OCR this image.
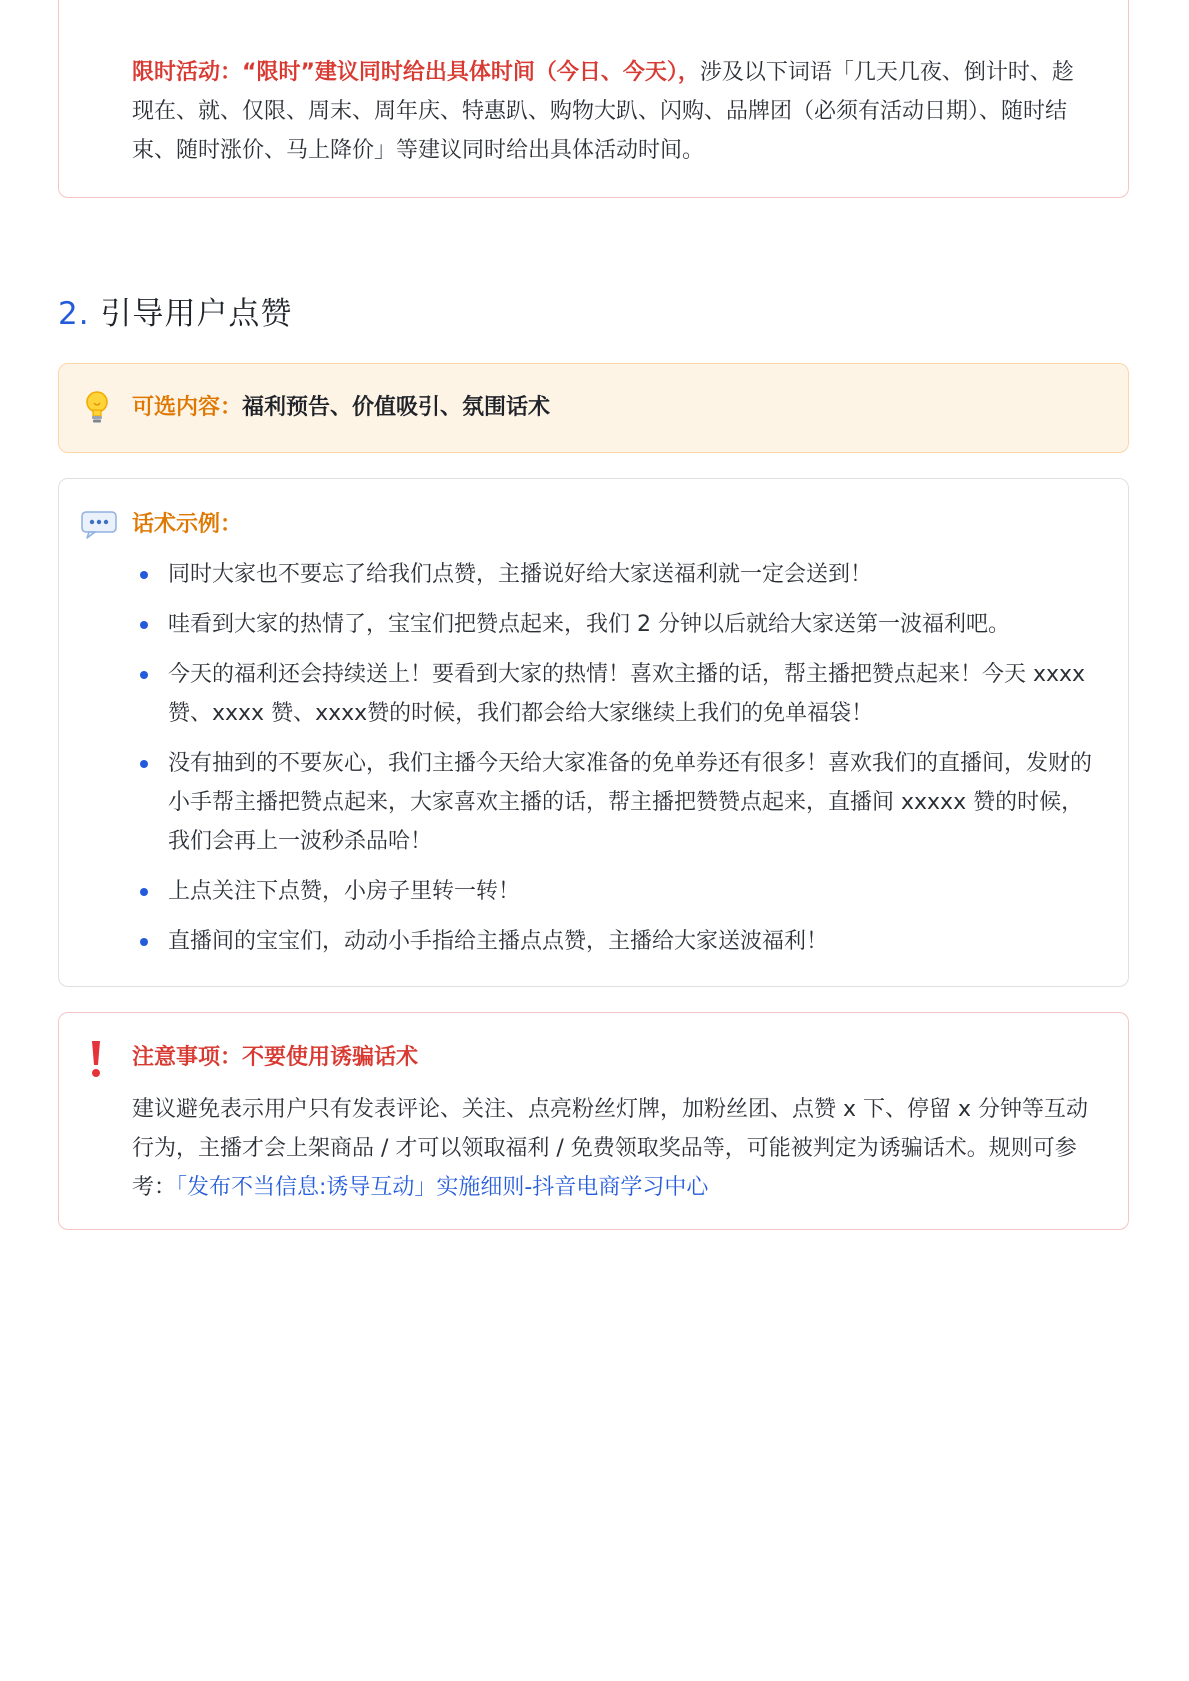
限时活动：“限时”建议同时给出具体时间（今日、今天），涉及以下词语「几天几夜、倒计时、趁现在、就、仅限、周末、周年庆、特惠趴、购物大趴、闪购、品牌团（必须有活动日期）、随时结束、随时涨价、马上降价」等建议同时给出具体活动时间。
2. 引导用户点赞
可选内容：福利预告、价值吸引、氛围话术
话术示例：
同时大家也不要忘了给我们点赞，主播说好给大家送福利就一定会送到！
哇看到大家的热情了，宝宝们把赞点起来，我们 2 分钟以后就给大家送第一波福利吧。
今天的福利还会持续送上！要看到大家的热情！喜欢主播的话，帮主播把赞点起来！今天 xxxx 赞、xxxx 赞、xxxx赞的时候，我们都会给大家继续上我们的免单福袋！
没有抽到的不要灰心，我们主播今天给大家准备的免单券还有很多！喜欢我们的直播间，发财的小手帮主播把赞点起来，大家喜欢主播的话，帮主播把赞赞点起来，直播间 xxxxx 赞的时候，我们会再上一波秒杀品哈！
上点关注下点赞，小房子里转一转！
直播间的宝宝们，动动小手指给主播点点赞，主播给大家送波福利！
注意事项：不要使用诱骗话术
建议避免表示用户只有发表评论、关注、点亮粉丝灯牌，加粉丝团、点赞 x 下、停留 x 分钟等互动行为，主播才会上架商品 / 才可以领取福利 / 免费领取奖品等，可能被判定为诱骗话术。规则可参考：「发布不当信息:诱导互动」实施细则-抖音电商学习中心
